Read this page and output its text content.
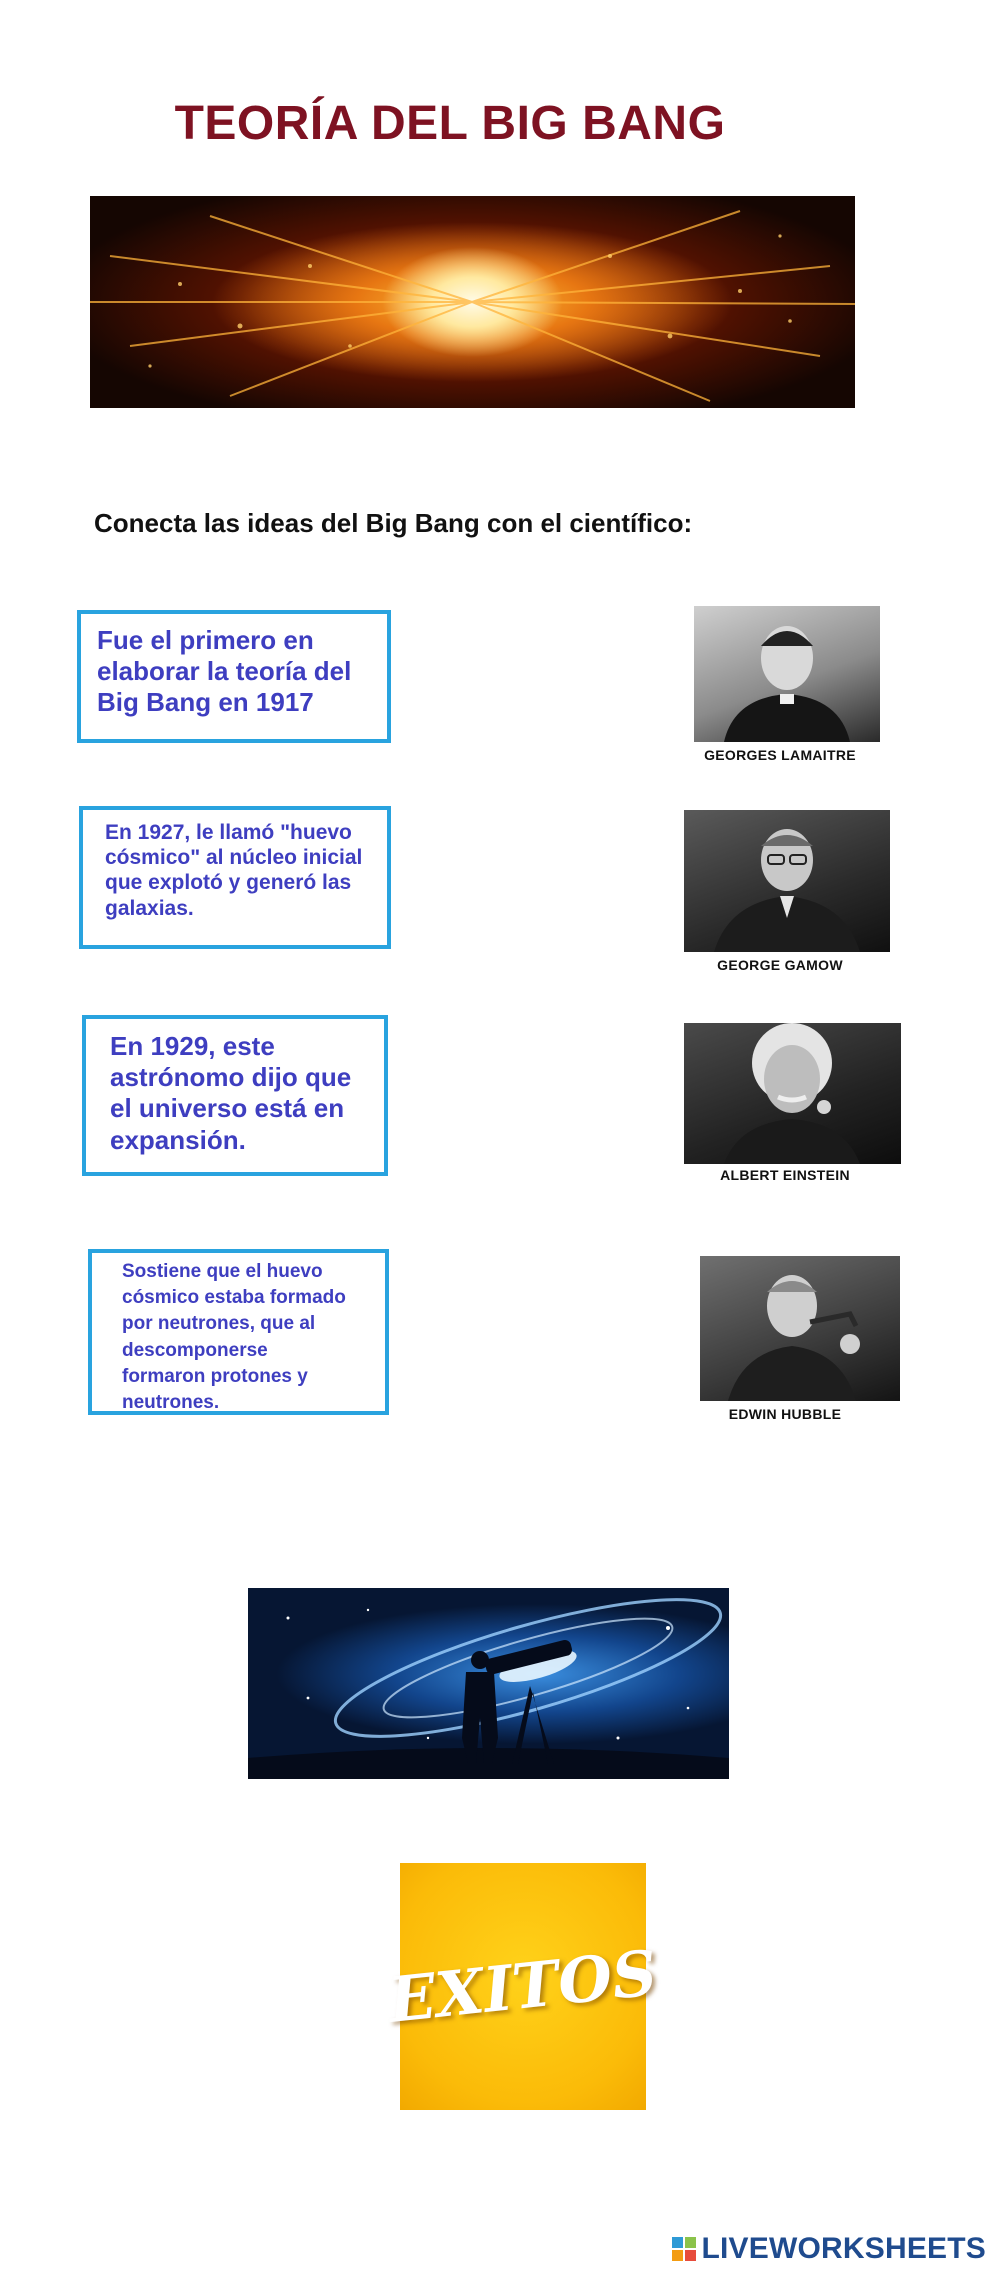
TEORÍA DEL BIG BANG
Conecta las ideas del Big Bang con el científico:
Fue el primero en
elaborar la teoría del
Big Bang en 1917
En 1927, le llamó "huevo
cósmico" al núcleo inicial
que explotó y generó las
galaxias.
En 1929, este
astrónomo dijo que
el universo está en
expansión.
Sostiene que el huevo
cósmico estaba formado
por neutrones, que al
descomponerse
formaron protones y
neutrones.
GEORGES LAMAITRE
GEORGE GAMOW
ALBERT EINSTEIN
EDWIN HUBBLE
EXITOS
LIVEWORKSHEETS
